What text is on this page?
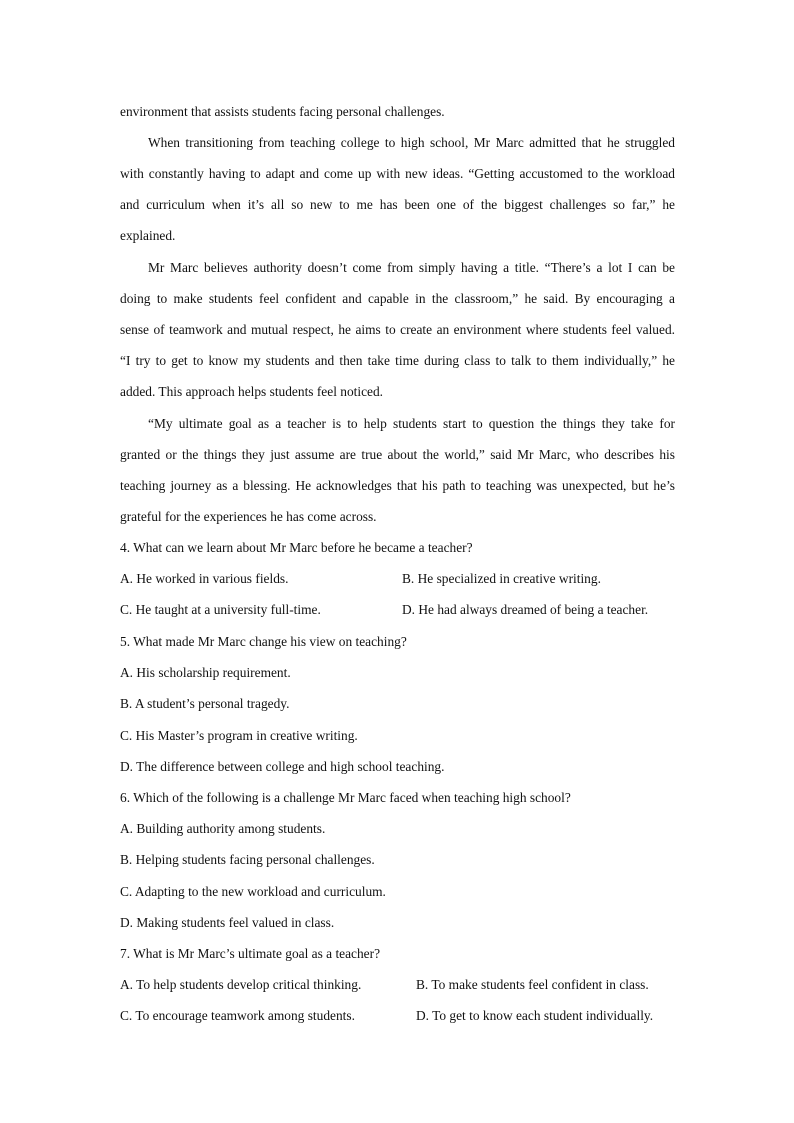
environment that assists students facing personal challenges.
When transitioning from teaching college to high school, Mr Marc admitted that he struggled
with constantly having to adapt and come up with new ideas. “Getting accustomed to the workload
and curriculum when it’s all so new to me has been one of the biggest challenges so far,” he
explained.
Mr Marc believes authority doesn’t come from simply having a title. “There’s a lot I can be
doing to make students feel confident and capable in the classroom,” he said. By encouraging a
sense of teamwork and mutual respect, he aims to create an environment where students feel valued.
“I try to get to know my students and then take time during class to talk to them individually,” he
added. This approach helps students feel noticed.
“My ultimate goal as a teacher is to help students start to question the things they take for
granted or the things they just assume are true about the world,” said Mr Marc, who describes his
teaching journey as a blessing. He acknowledges that his path to teaching was unexpected, but he’s
grateful for the experiences he has come across.
4. What can we learn about Mr Marc before he became a teacher?
A. He worked in various fields.	B. He specialized in creative writing.
C. He taught at a university full-time.	D. He had always dreamed of being a teacher.
5. What made Mr Marc change his view on teaching?
A. His scholarship requirement.
B. A student’s personal tragedy.
C. His Master’s program in creative writing.
D. The difference between college and high school teaching.
6. Which of the following is a challenge Mr Marc faced when teaching high school?
A. Building authority among students.
B. Helping students facing personal challenges.
C. Adapting to the new workload and curriculum.
D. Making students feel valued in class.
7. What is Mr Marc’s ultimate goal as a teacher?
A. To help students develop critical thinking.	B. To make students feel confident in class.
C. To encourage teamwork among students.	D. To get to know each student individually.
